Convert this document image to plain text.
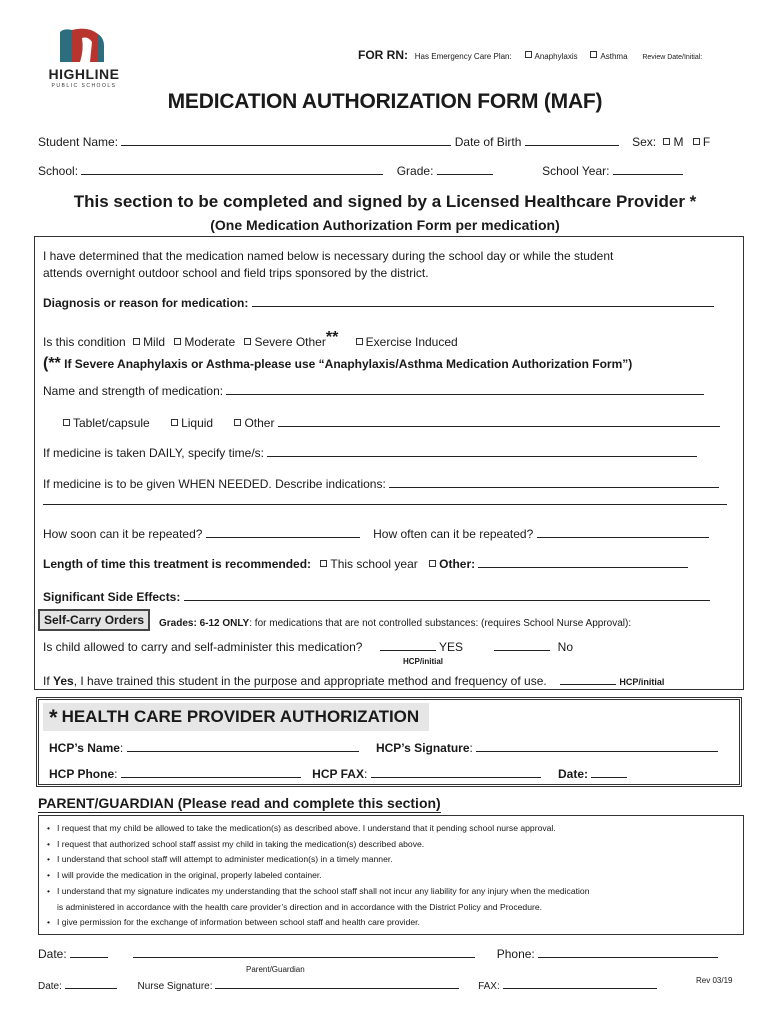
HIGHLINE
PUBLIC SCHOOLS
FOR RN: Has Emergency Care Plan:	Anaphylaxis	Asthma Review Date/Initial:
MEDICATION AUTHORIZATION FORM (MAF)
Student Name:	Date of Birth	Sex: M F
School:	Grade:	School Year:
This section to be completed and signed by a Licensed Healthcare Provider *
(One Medication Authorization Form per medication)
I have determined that the medication named below is necessary during the school day or while the student
attends overnight outdoor school and field trips sponsored by the district.
Diagnosis or reason for medication:
Is this condition Mild Moderate Severe Other** Exercise Induced
(** If Severe Anaphylaxis or Asthma-please use “Anaphylaxis/Asthma Medication Authorization Form”)
Name and strength of medication:
Tablet/capsule	Liquid	Other
If medicine is taken DAILY, specify time/s:
If medicine is to be given WHEN NEEDED. Describe indications:
How soon can it be repeated?	How often can it be repeated?
Length of time this treatment is recommended: This school year Other:
Significant Side Effects:
Self-Carry Orders	Grades: 6-12 ONLY: for medications that are not controlled substances: (requires School Nurse Approval):
Is child allowed to carry and self-administer this medication?	YES	No
HCP/initial
If Yes, I have trained this student in the purpose and appropriate method and frequency of use.	HCP/initial
* HEALTH CARE PROVIDER AUTHORIZATION
HCP’s Name:	HCP’s Signature:
HCP Phone:	HCP FAX:	Date:
PARENT/GUARDIAN (Please read and complete this section)
• I request that my child be allowed to take the medication(s) as described above. I understand that it pending school nurse approval.
• I request that authorized school staff assist my child in taking the medication(s) described above.
• I understand that school staff will attempt to administer medication(s) in a timely manner.
• I will provide the medication in the original, properly labeled container.
• I understand that my signature indicates my understanding that the school staff shall not incur any liability for any injury when the medication
is administered in accordance with the health care provider’s direction and in accordance with the District Policy and Procedure.
• I give permission for the exchange of information between school staff and health care provider.
Date:	Phone:
Parent/Guardian
Date:	Nurse Signature:	FAX:
Rev 03/19
